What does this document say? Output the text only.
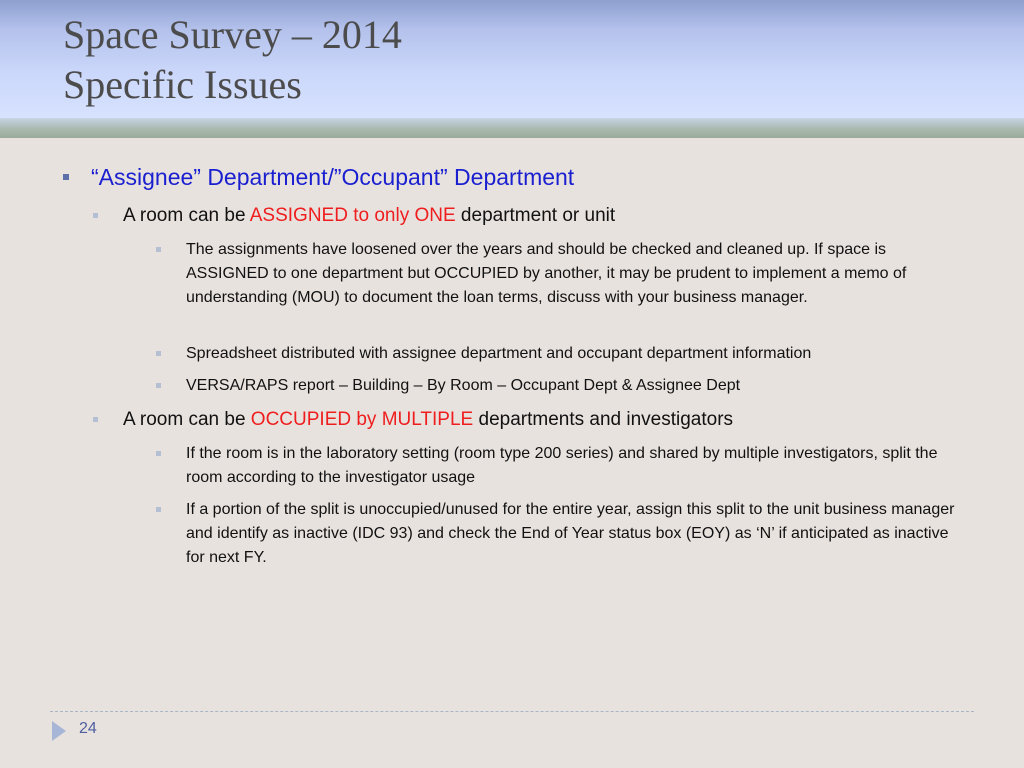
Space Survey – 2014
Specific Issues
“Assignee” Department/”Occupant” Department
A room can be ASSIGNED to only ONE department or unit
The assignments have loosened over the years and should be checked and cleaned up. If space is ASSIGNED to one department but OCCUPIED by another, it may be prudent to implement a memo of understanding (MOU) to document the loan terms, discuss with your business manager.
Spreadsheet distributed with assignee department and occupant department information
VERSA/RAPS report – Building – By Room – Occupant Dept & Assignee Dept
A room can be OCCUPIED by MULTIPLE departments and investigators
If the room is in the laboratory setting (room type 200 series) and shared by multiple investigators, split the room according to the investigator usage
If a portion of the split is unoccupied/unused for the entire year, assign this split to the unit business manager and identify as inactive (IDC 93) and check the End of Year status box (EOY) as ‘N’ if anticipated as inactive for next FY.
24
